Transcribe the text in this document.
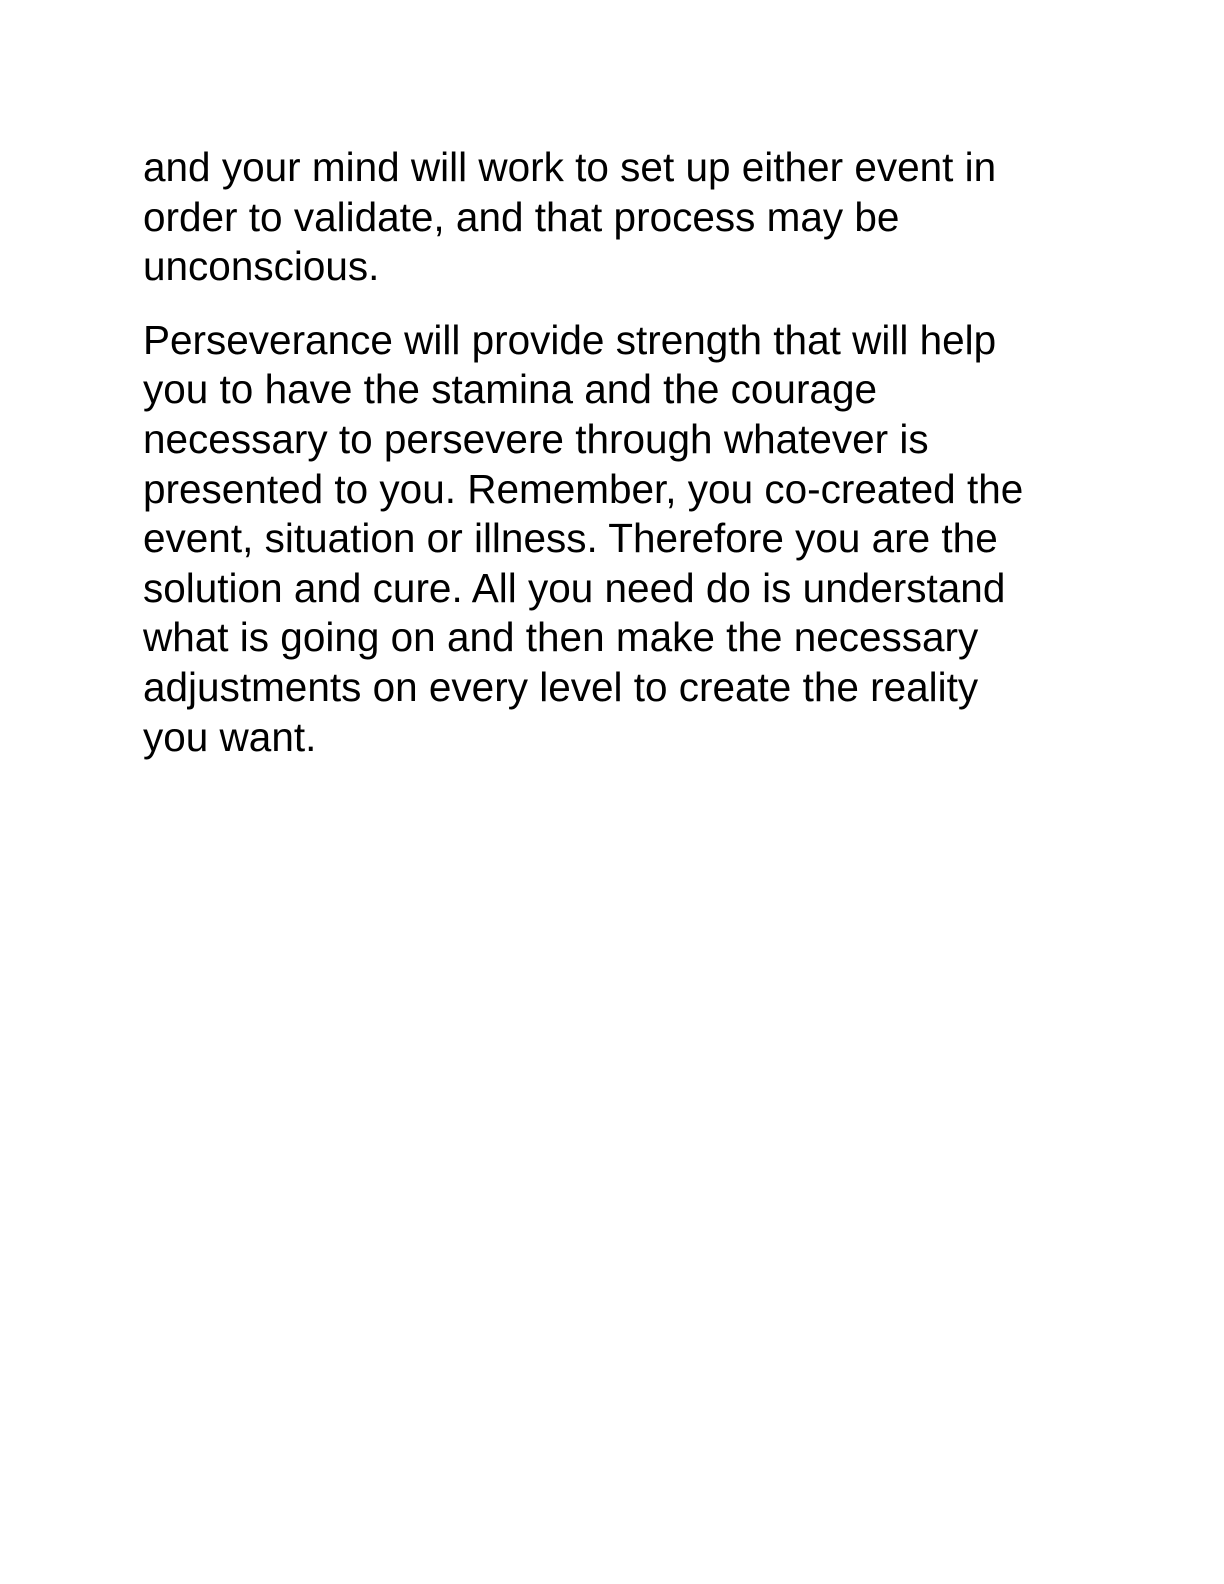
and your mind will work to set up either event in
order to validate, and that process may be
unconscious.

Perseverance will provide strength that will help
you to have the stamina and the courage
necessary to persevere through whatever is
presented to you. Remember, you co-created the
event, situation or illness. Therefore you are the
solution and cure. All you need do is understand
what is going on and then make the necessary
adjustments on every level to create the reality
you want.
